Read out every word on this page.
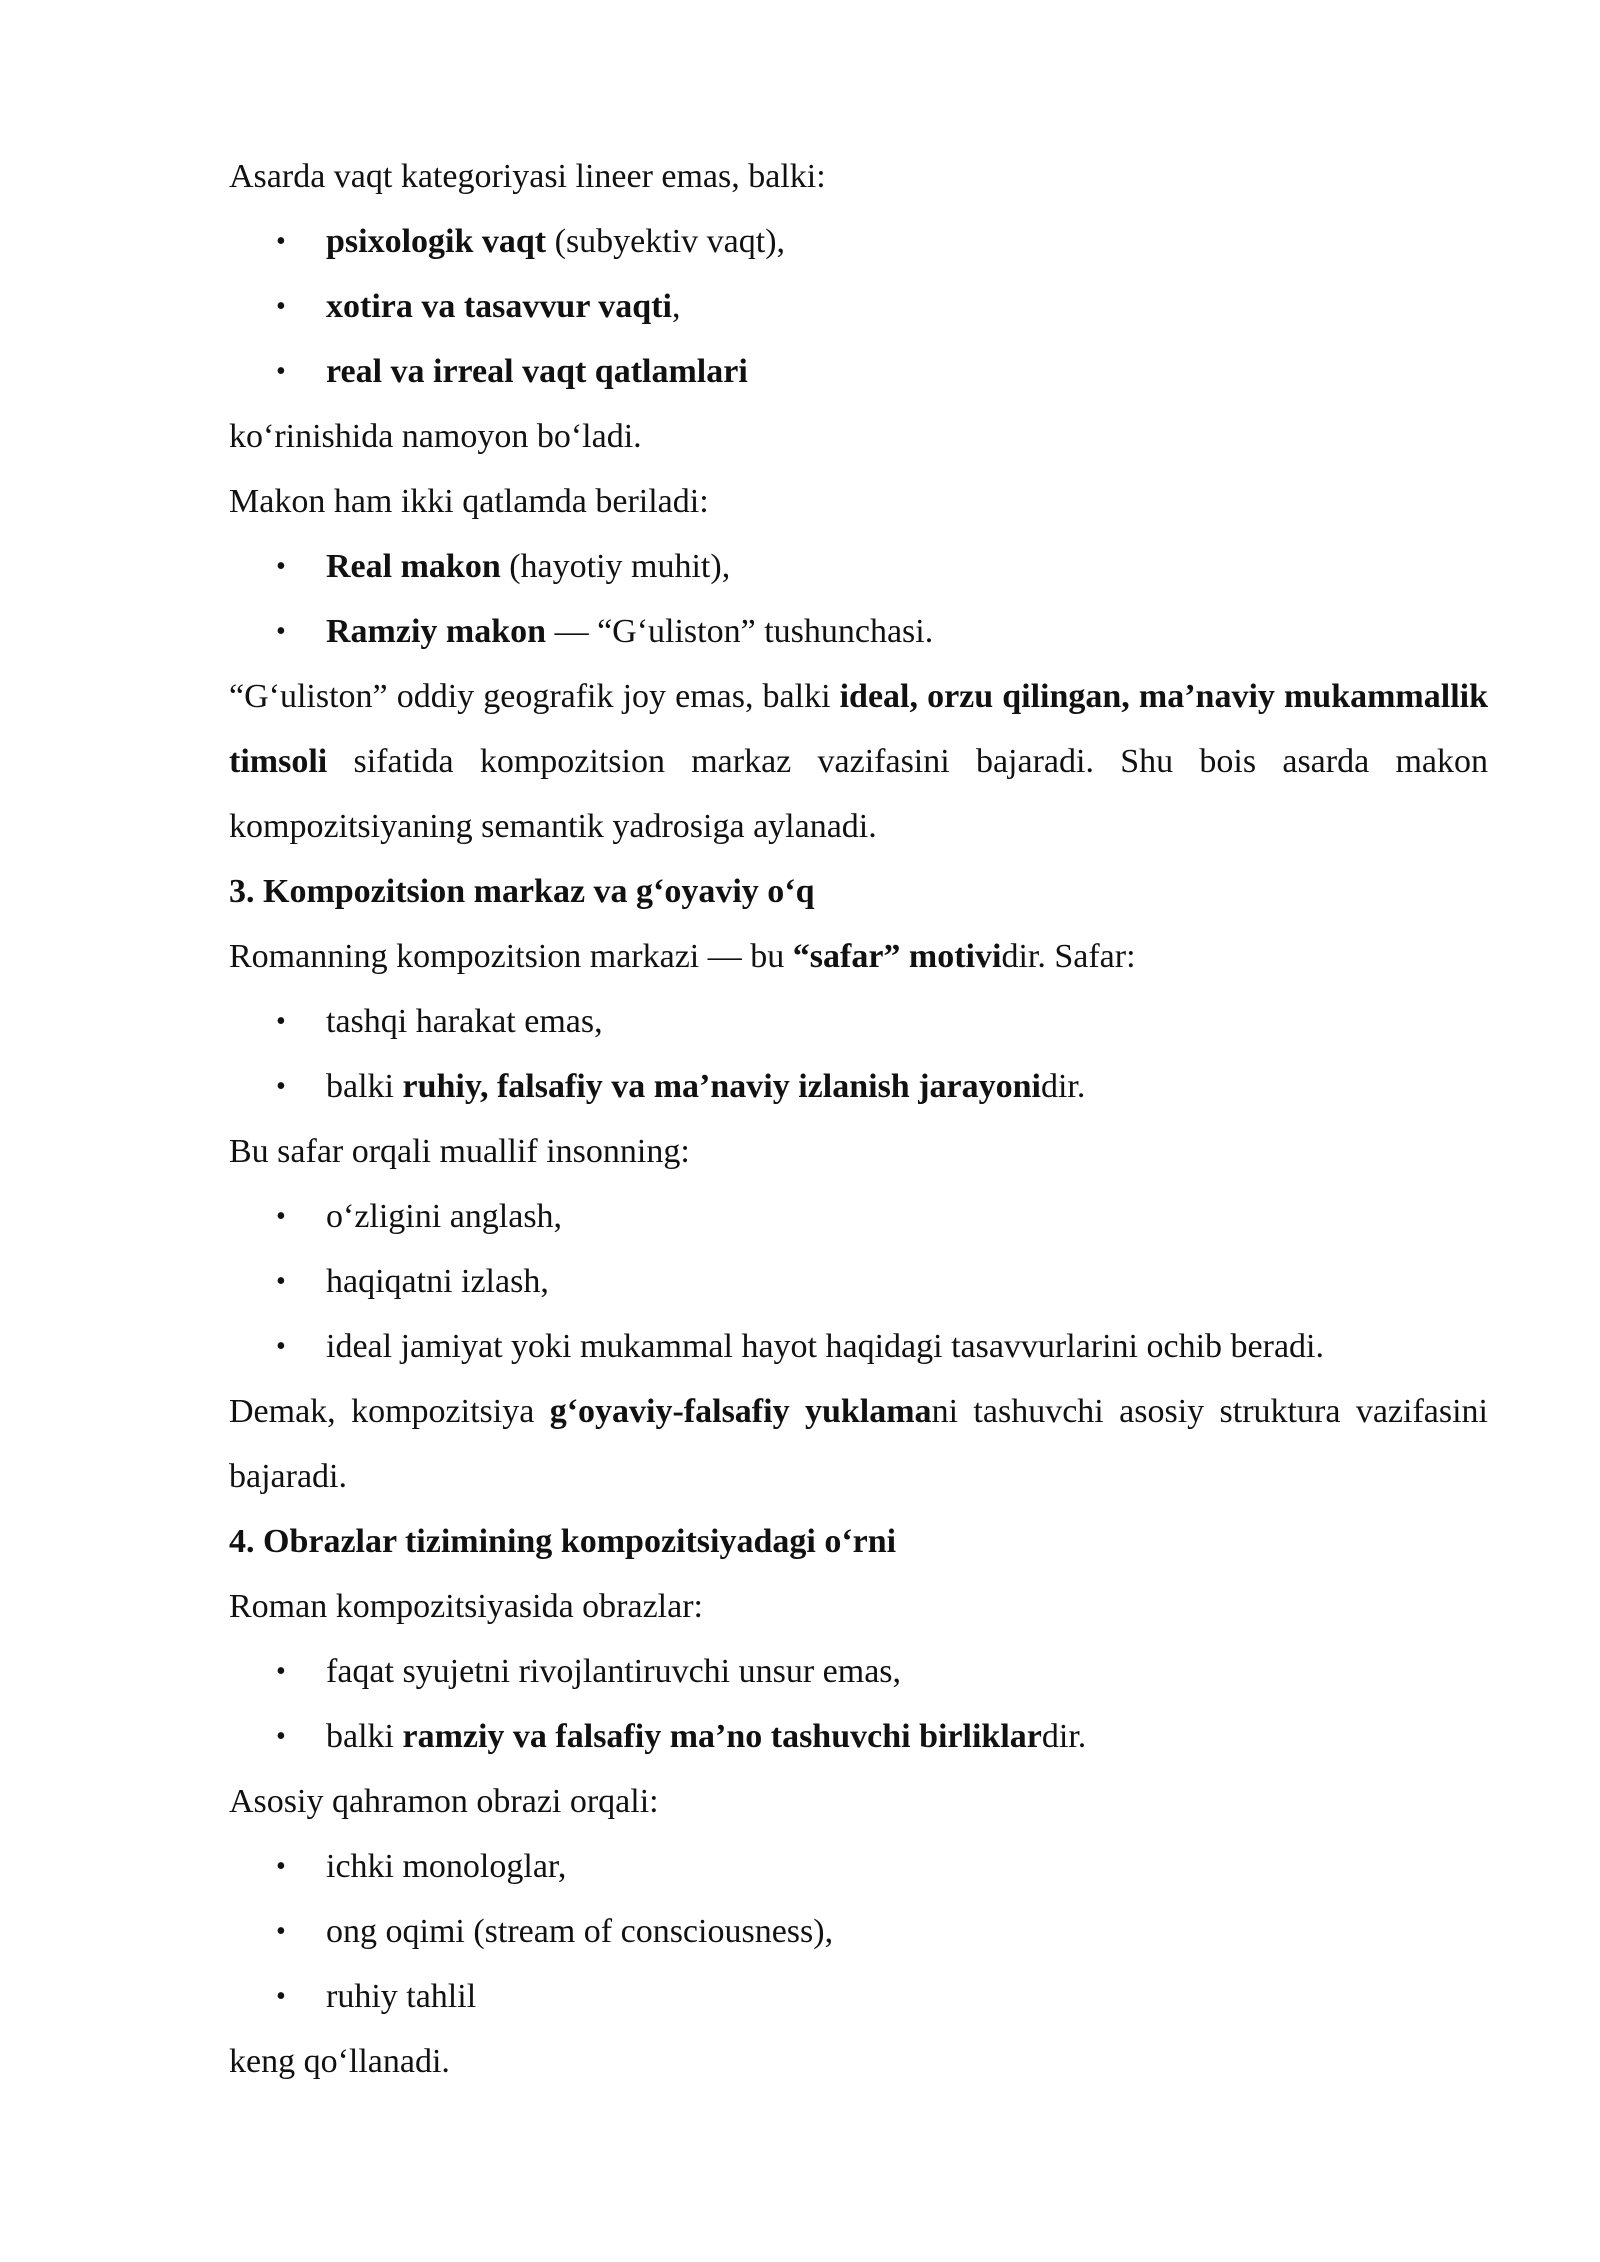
Asarda vaqt kategoriyasi lineer emas, balki:

• psixologik vaqt (subyektiv vaqt),
• xotira va tasavvur vaqti,
• real va irreal vaqt qatlamlari

ko‘rinishida namoyon bo‘ladi.

Makon ham ikki qatlamda beriladi:

• Real makon (hayotiy muhit),
• Ramziy makon — “G‘uliston” tushunchasi.

“G‘uliston” oddiy geografik joy emas, balki ideal, orzu qilingan, ma’naviy mukammallik timsoli sifatida kompozitsion markaz vazifasini bajaradi. Shu bois asarda makon kompozitsiyaning semantik yadrosiga aylanadi.

3. Kompozitsion markaz va g‘oyaviy o‘q

Romanning kompozitsion markazi — bu “safar” motividir. Safar:

• tashqi harakat emas,
• balki ruhiy, falsafiy va ma’naviy izlanish jarayonidir.

Bu safar orqali muallif insonning:

• o‘zligini anglash,
• haqiqatni izlash,
• ideal jamiyat yoki mukammal hayot haqidagi tasavvurlarini ochib beradi.

Demak, kompozitsiya g‘oyaviy-falsafiy yuklamani tashuvchi asosiy struktura vazifasini bajaradi.

4. Obrazlar tizimining kompozitsiyadagi o‘rni

Roman kompozitsiyasida obrazlar:

• faqat syujetni rivojlantiruvchi unsur emas,
• balki ramziy va falsafiy ma’no tashuvchi birliklardir.

Asosiy qahramon obrazi orqali:

• ichki monologlar,
• ong oqimi (stream of consciousness),
• ruhiy tahlil

keng qo‘llanadi.
